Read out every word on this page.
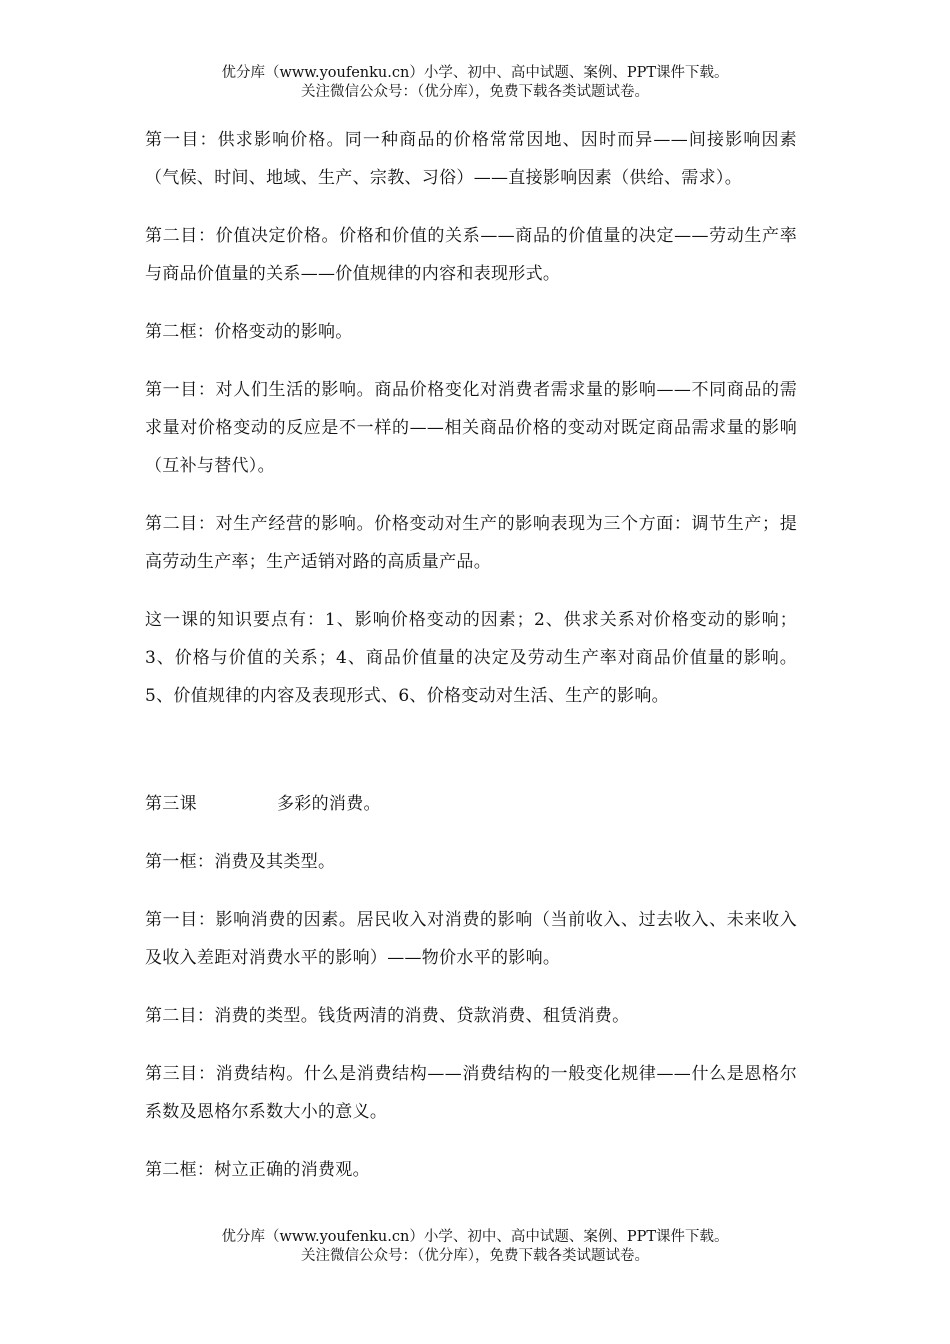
优分库（www.youfenku.cn）小学、初中、高中试题、案例、PPT课件下载。
关注微信公众号：（优分库），免费下载各类试题试卷。

第一目：供求影响价格。同一种商品的价格常常因地、因时而异——间接影响因素（气候、时间、地域、生产、宗教、习俗）——直接影响因素（供给、需求）。

第二目：价值决定价格。价格和价值的关系——商品的价值量的决定——劳动生产率与商品价值量的关系——价值规律的内容和表现形式。

第二框：价格变动的影响。

第一目：对人们生活的影响。商品价格变化对消费者需求量的影响——不同商品的需求量对价格变动的反应是不一样的——相关商品价格的变动对既定商品需求量的影响（互补与替代）。

第二目：对生产经营的影响。价格变动对生产的影响表现为三个方面：调节生产；提高劳动生产率；生产适销对路的高质量产品。

这一课的知识要点有：1、影响价格变动的因素；2、供求关系对价格变动的影响；3、价格与价值的关系；4、商品价值量的决定及劳动生产率对商品价值量的影响。5、价值规律的内容及表现形式、6、价格变动对生活、生产的影响。

第三课	多彩的消费。

第一框：消费及其类型。

第一目：影响消费的因素。居民收入对消费的影响（当前收入、过去收入、未来收入及收入差距对消费水平的影响）——物价水平的影响。

第二目：消费的类型。钱货两清的消费、贷款消费、租赁消费。

第三目：消费结构。什么是消费结构——消费结构的一般变化规律——什么是恩格尔系数及恩格尔系数大小的意义。

第二框：树立正确的消费观。

优分库（www.youfenku.cn）小学、初中、高中试题、案例、PPT课件下载。
关注微信公众号：（优分库），免费下载各类试题试卷。
